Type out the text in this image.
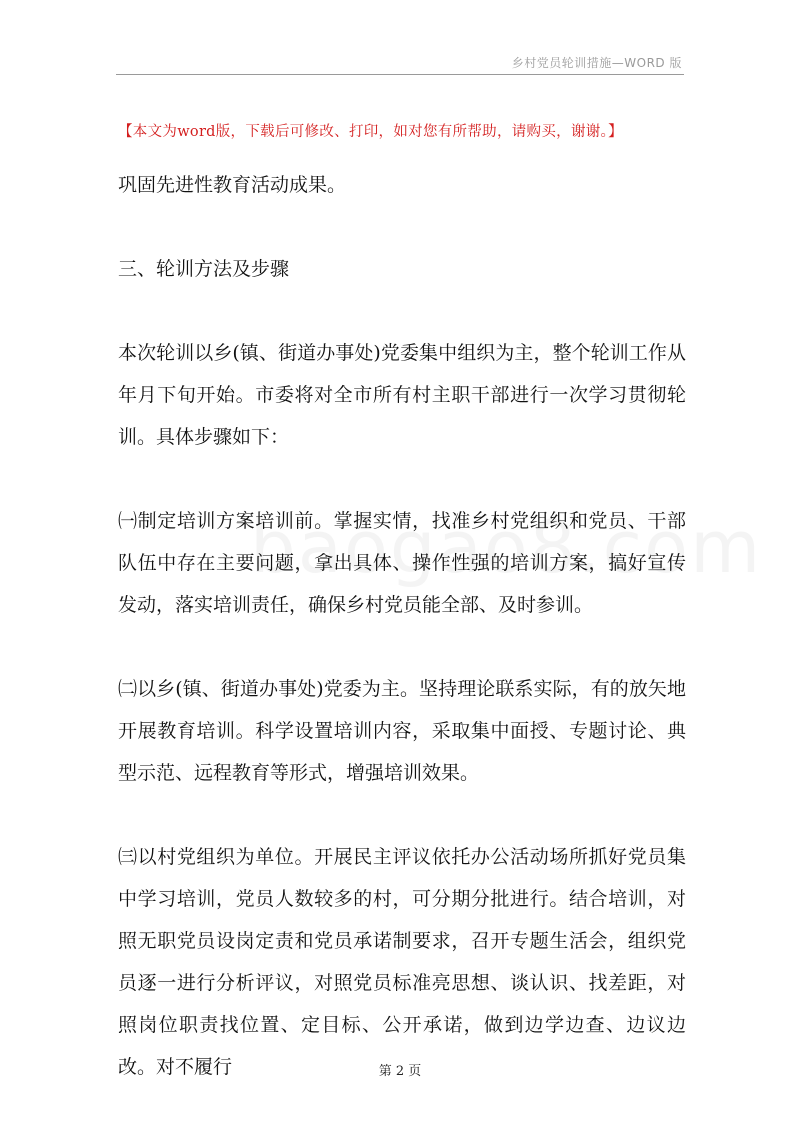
乡村党员轮训措施—WORD 版
【本文为word版，下载后可修改、打印，如对您有所帮助，请购买，谢谢。】

巩固先进性教育活动成果。

三、轮训方法及步骤

本次轮训以乡(镇、街道办事处)党委集中组织为主，整个轮训工作从年月下旬开始。市委将对全市所有村主职干部进行一次学习贯彻轮训。具体步骤如下：

㈠制定培训方案培训前。掌握实情，找准乡村党组织和党员、干部队伍中存在主要问题，拿出具体、操作性强的培训方案，搞好宣传发动，落实培训责任，确保乡村党员能全部、及时参训。

㈡以乡(镇、街道办事处)党委为主。坚持理论联系实际，有的放矢地开展教育培训。科学设置培训内容，采取集中面授、专题讨论、典型示范、远程教育等形式，增强培训效果。

㈢以村党组织为单位。开展民主评议依托办公活动场所抓好党员集中学习培训，党员人数较多的村，可分期分批进行。结合培训，对照无职党员设岗定责和党员承诺制要求，召开专题生活会，组织党员逐一进行分析评议，对照党员标准亮思想、谈认识、找差距，对照岗位职责找位置、定目标、公开承诺，做到边学边查、边议边改。对不履行	第 2 页
